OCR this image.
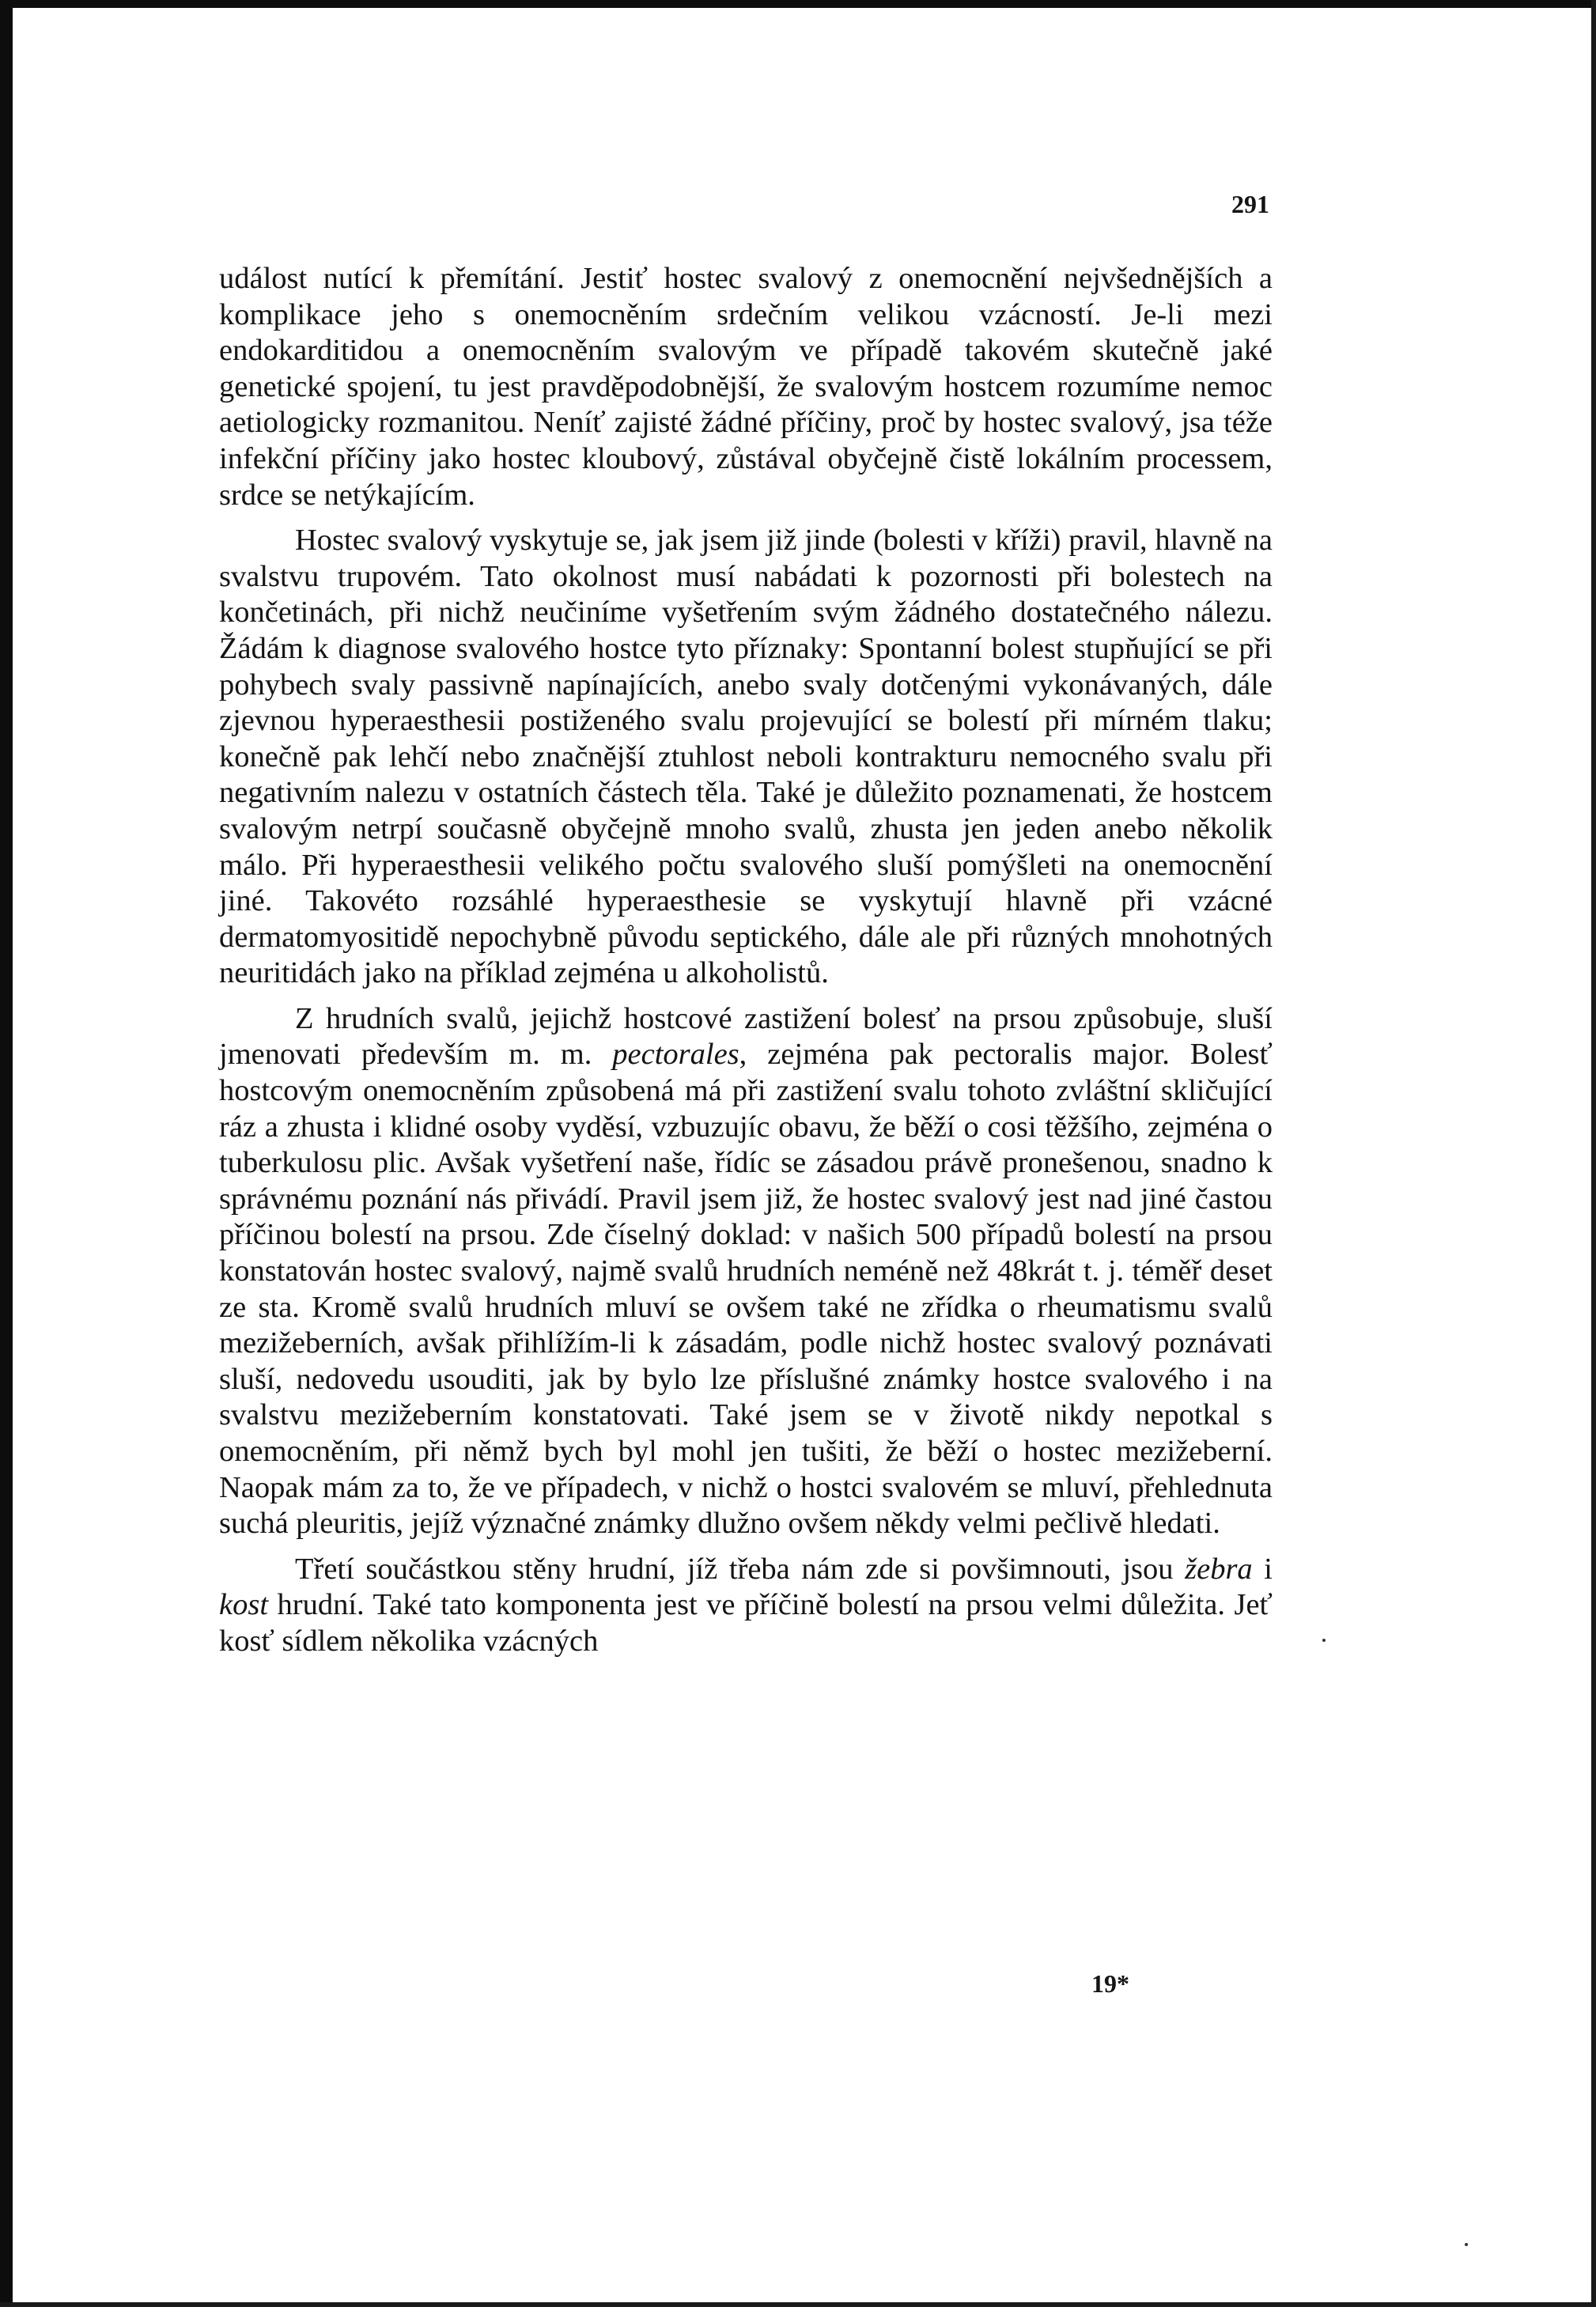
291

událost nutící k přemítání. Jestiť hostec svalový z onemocnění nejvšednějších a komplikace jeho s onemocněním srdečním velikou vzácností. Je-li mezi endokarditidou a onemocněním svalovým ve případě takovém skutečně jaké genetické spojení, tu jest pravděpodobnější, že svalovým hostcem rozumíme nemoc aetiologicky rozmanitou. Neníť zajisté žádné příčiny, proč by hostec svalový, jsa téže infekční příčiny jako hostec kloubový, zůstával obyčejně čistě lokálním processem, srdce se netýkajícím.

Hostec svalový vyskytuje se, jak jsem již jinde (bolesti v kříži) pravil, hlavně na svalstvu trupovém. Tato okolnost musí nabádati k pozornosti při bolestech na končetinách, při nichž neučiníme vyšetřením svým žádného dostatečného nálezu. Žádám k diagnose svalového hostce tyto příznaky: Spontanní bolest stupňující se při pohybech svaly passivně napínajících, anebo svaly dotčenými vykonávaných, dále zjevnou hyperaesthesii postiženého svalu projevující se bolestí při mírném tlaku; konečně pak lehčí nebo značnější ztuhlost neboli kontrakturu nemocného svalu při negativním nalezu v ostatních částech těla. Také je důležito poznamenati, že hostcem svalovým netrpí současně obyčejně mnoho svalů, zhusta jen jeden anebo několik málo. Při hyperaesthesii velikého počtu svalového sluší pomýšleti na onemocnění jiné. Takovéto rozsáhlé hyperaesthesie se vyskytují hlavně při vzácné dermatomyositidě nepochybně původu septického, dále ale při různých mnohotných neuritidách jako na příklad zejména u alkoholistů.

Z hrudních svalů, jejichž hostcové zastižení bolesť na prsou způsobuje, sluší jmenovati především m. m. pectorales, zejména pak pectoralis major. Bolesť hostcovým onemocněním způsobená má při zastižení svalu tohoto zvláštní skličující ráz a zhusta i klidné osoby vyděsí, vzbuzujíc obavu, že běží o cosi těžšího, zejména o tuberkulosu plic. Avšak vyšetření naše, řídíc se zásadou právě pronešenou, snadno k správnému poznání nás přivádí. Pravil jsem již, že hostec svalový jest nad jiné častou příčinou bolestí na prsou. Zde číselný doklad: v našich 500 případů bolestí na prsou konstatován hostec svalový, najmě svalů hrudních neméně než 48krát t. j. téměř deset ze sta. Kromě svalů hrudních mluví se ovšem také ne zřídka o rheumatismu svalů mezižeberních, avšak přihlížím-li k zásadám, podle nichž hostec svalový poznávati sluší, nedovedu usouditi, jak by bylo lze příslušné známky hostce svalového i na svalstvu mezižeberním konstatovati. Také jsem se v životě nikdy nepotkal s onemocněním, při němž bych byl mohl jen tušiti, že běží o hostec mezižeberní. Naopak mám za to, že ve případech, v nichž o hostci svalovém se mluví, přehlednuta suchá pleuritis, jejíž význačné známky dlužno ovšem někdy velmi pečlivě hledati.

Třetí součástkou stěny hrudní, jíž třeba nám zde si povšimnouti, jsou žebra i kost hrudní. Také tato komponenta jest ve příčině bolestí na prsou velmi důležita. Jeť kosť sídlem několika vzácných

19*
